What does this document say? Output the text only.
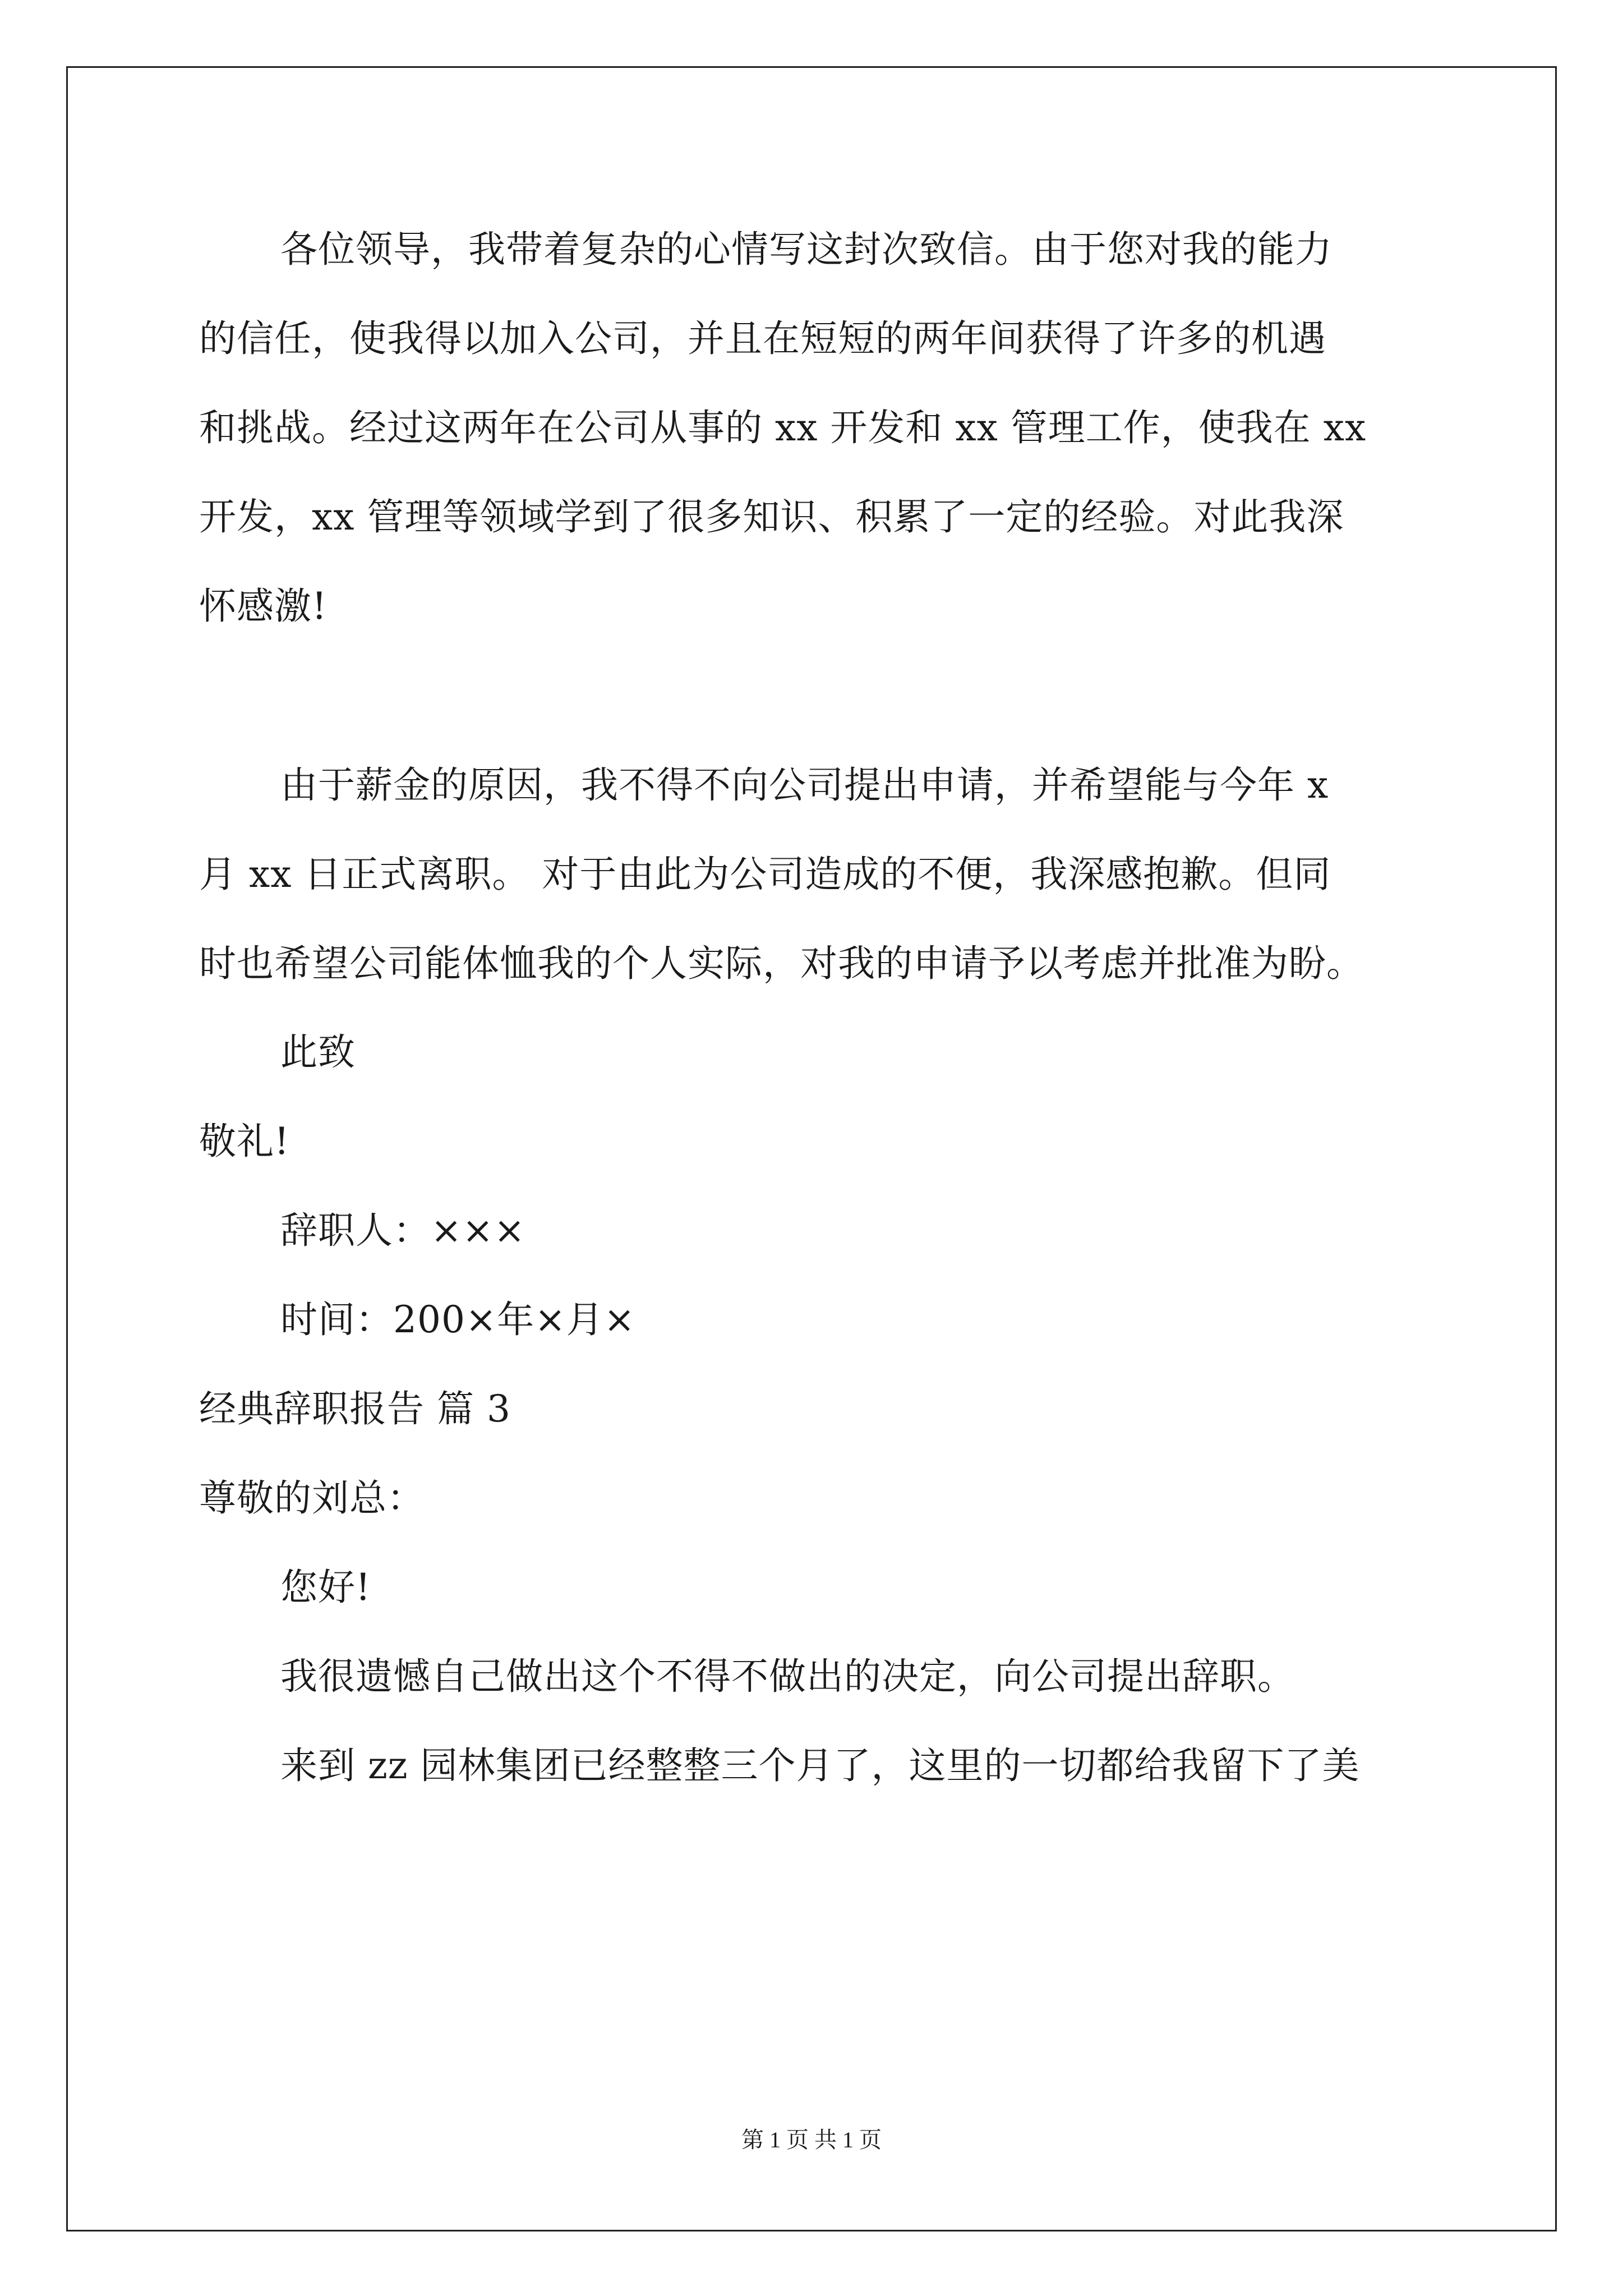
各位领导，我带着复杂的心情写这封次致信。由于您对我的能力
的信任，使我得以加入公司，并且在短短的两年间获得了许多的机遇
和挑战。经过这两年在公司从事的 xx 开发和 xx 管理工作，使我在 xx
开发，xx 管理等领域学到了很多知识、积累了一定的经验。对此我深
怀感激!
由于薪金的原因，我不得不向公司提出申请，并希望能与今年 x
月 xx 日正式离职。 对于由此为公司造成的不便，我深感抱歉。但同
时也希望公司能体恤我的个人实际，对我的申请予以考虑并批准为盼。
此致
敬礼!
辞职人：×××
时间：200×年×月×
经典辞职报告 篇 3
尊敬的刘总：
您好!
我很遗憾自己做出这个不得不做出的决定，向公司提出辞职。
来到 zz 园林集团已经整整三个月了，这里的一切都给我留下了美
第 1 页 共 1 页
